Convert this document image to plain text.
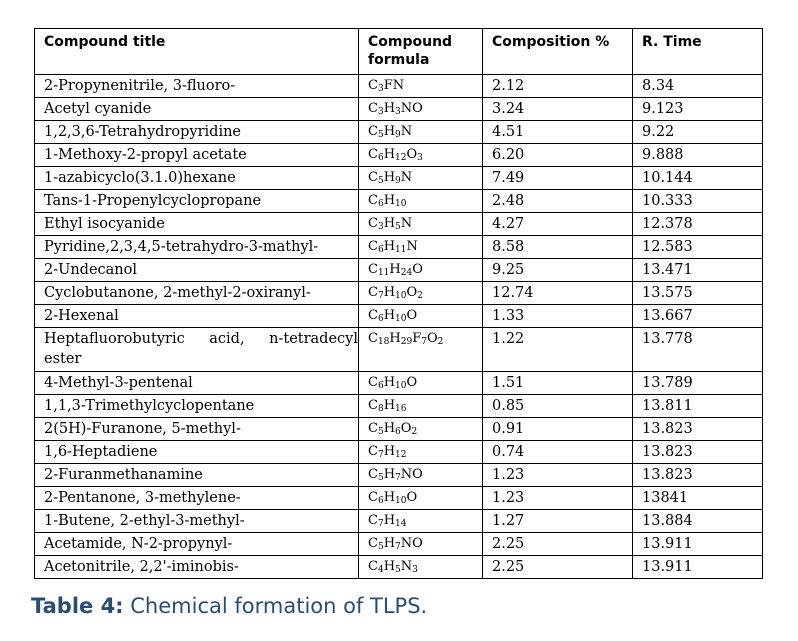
Compound title	Compound formula	Composition %	R. Time
2-Propynenitrile, 3-fluoro-	$C_3FN$	2.12	8.34
Acetyl cyanide	$C_3H_3NO$	3.24	9.123
1,2,3,6-Tetrahydropyridine	$C_5H_9N$	4.51	9.22
1-Methoxy-2-propyl acetate	$C_6H_{12}O_3$	6.20	9.888
1-azabicyclo(3.1.0)hexane	$C_5H_9N$	7.49	10.144
Tans-1-Propenylcyclopropane	$C_6H_{10}$	2.48	10.333
Ethyl isocyanide	$C_3H_5N$	4.27	12.378
Pyridine,2,3,4,5-tetrahydro-3-mathyl-	$C_6H_{11}N$	8.58	12.583
2-Undecanol	$C_{11}H_{24}O$	9.25	13.471
Cyclobutanone, 2-methyl-2-oxiranyl-	$C_7H_{10}O_2$	12.74	13.575
2-Hexenal	$C_6H_{10}O$	1.33	13.667
Heptafluorobutyric acid, n-tetradecyl ester	$C_{18}H_{29}F_7O_2$	1.22	13.778
4-Methyl-3-pentenal	$C_6H_{10}O$	1.51	13.789
1,1,3-Trimethylcyclopentane	$C_8H_{16}$	0.85	13.811
2(5H)-Furanone, 5-methyl-	$C_5H_6O_2$	0.91	13.823
1,6-Heptadiene	$C_7H_{12}$	0.74	13.823
2-Furanmethanamine	$C_5H_7NO$	1.23	13.823
2-Pentanone, 3-methylene-	$C_6H_{10}O$	1.23	13841
1-Butene, 2-ethyl-3-methyl-	$C_7H_{14}$	1.27	13.884
Acetamide, N-2-propynyl-	$C_5H_7NO$	2.25	13.911
Acetonitrile, 2,2'-iminobis-	$C_4H_5N_3$	2.25	13.911
Table 4: Chemical formation of TLPS.
